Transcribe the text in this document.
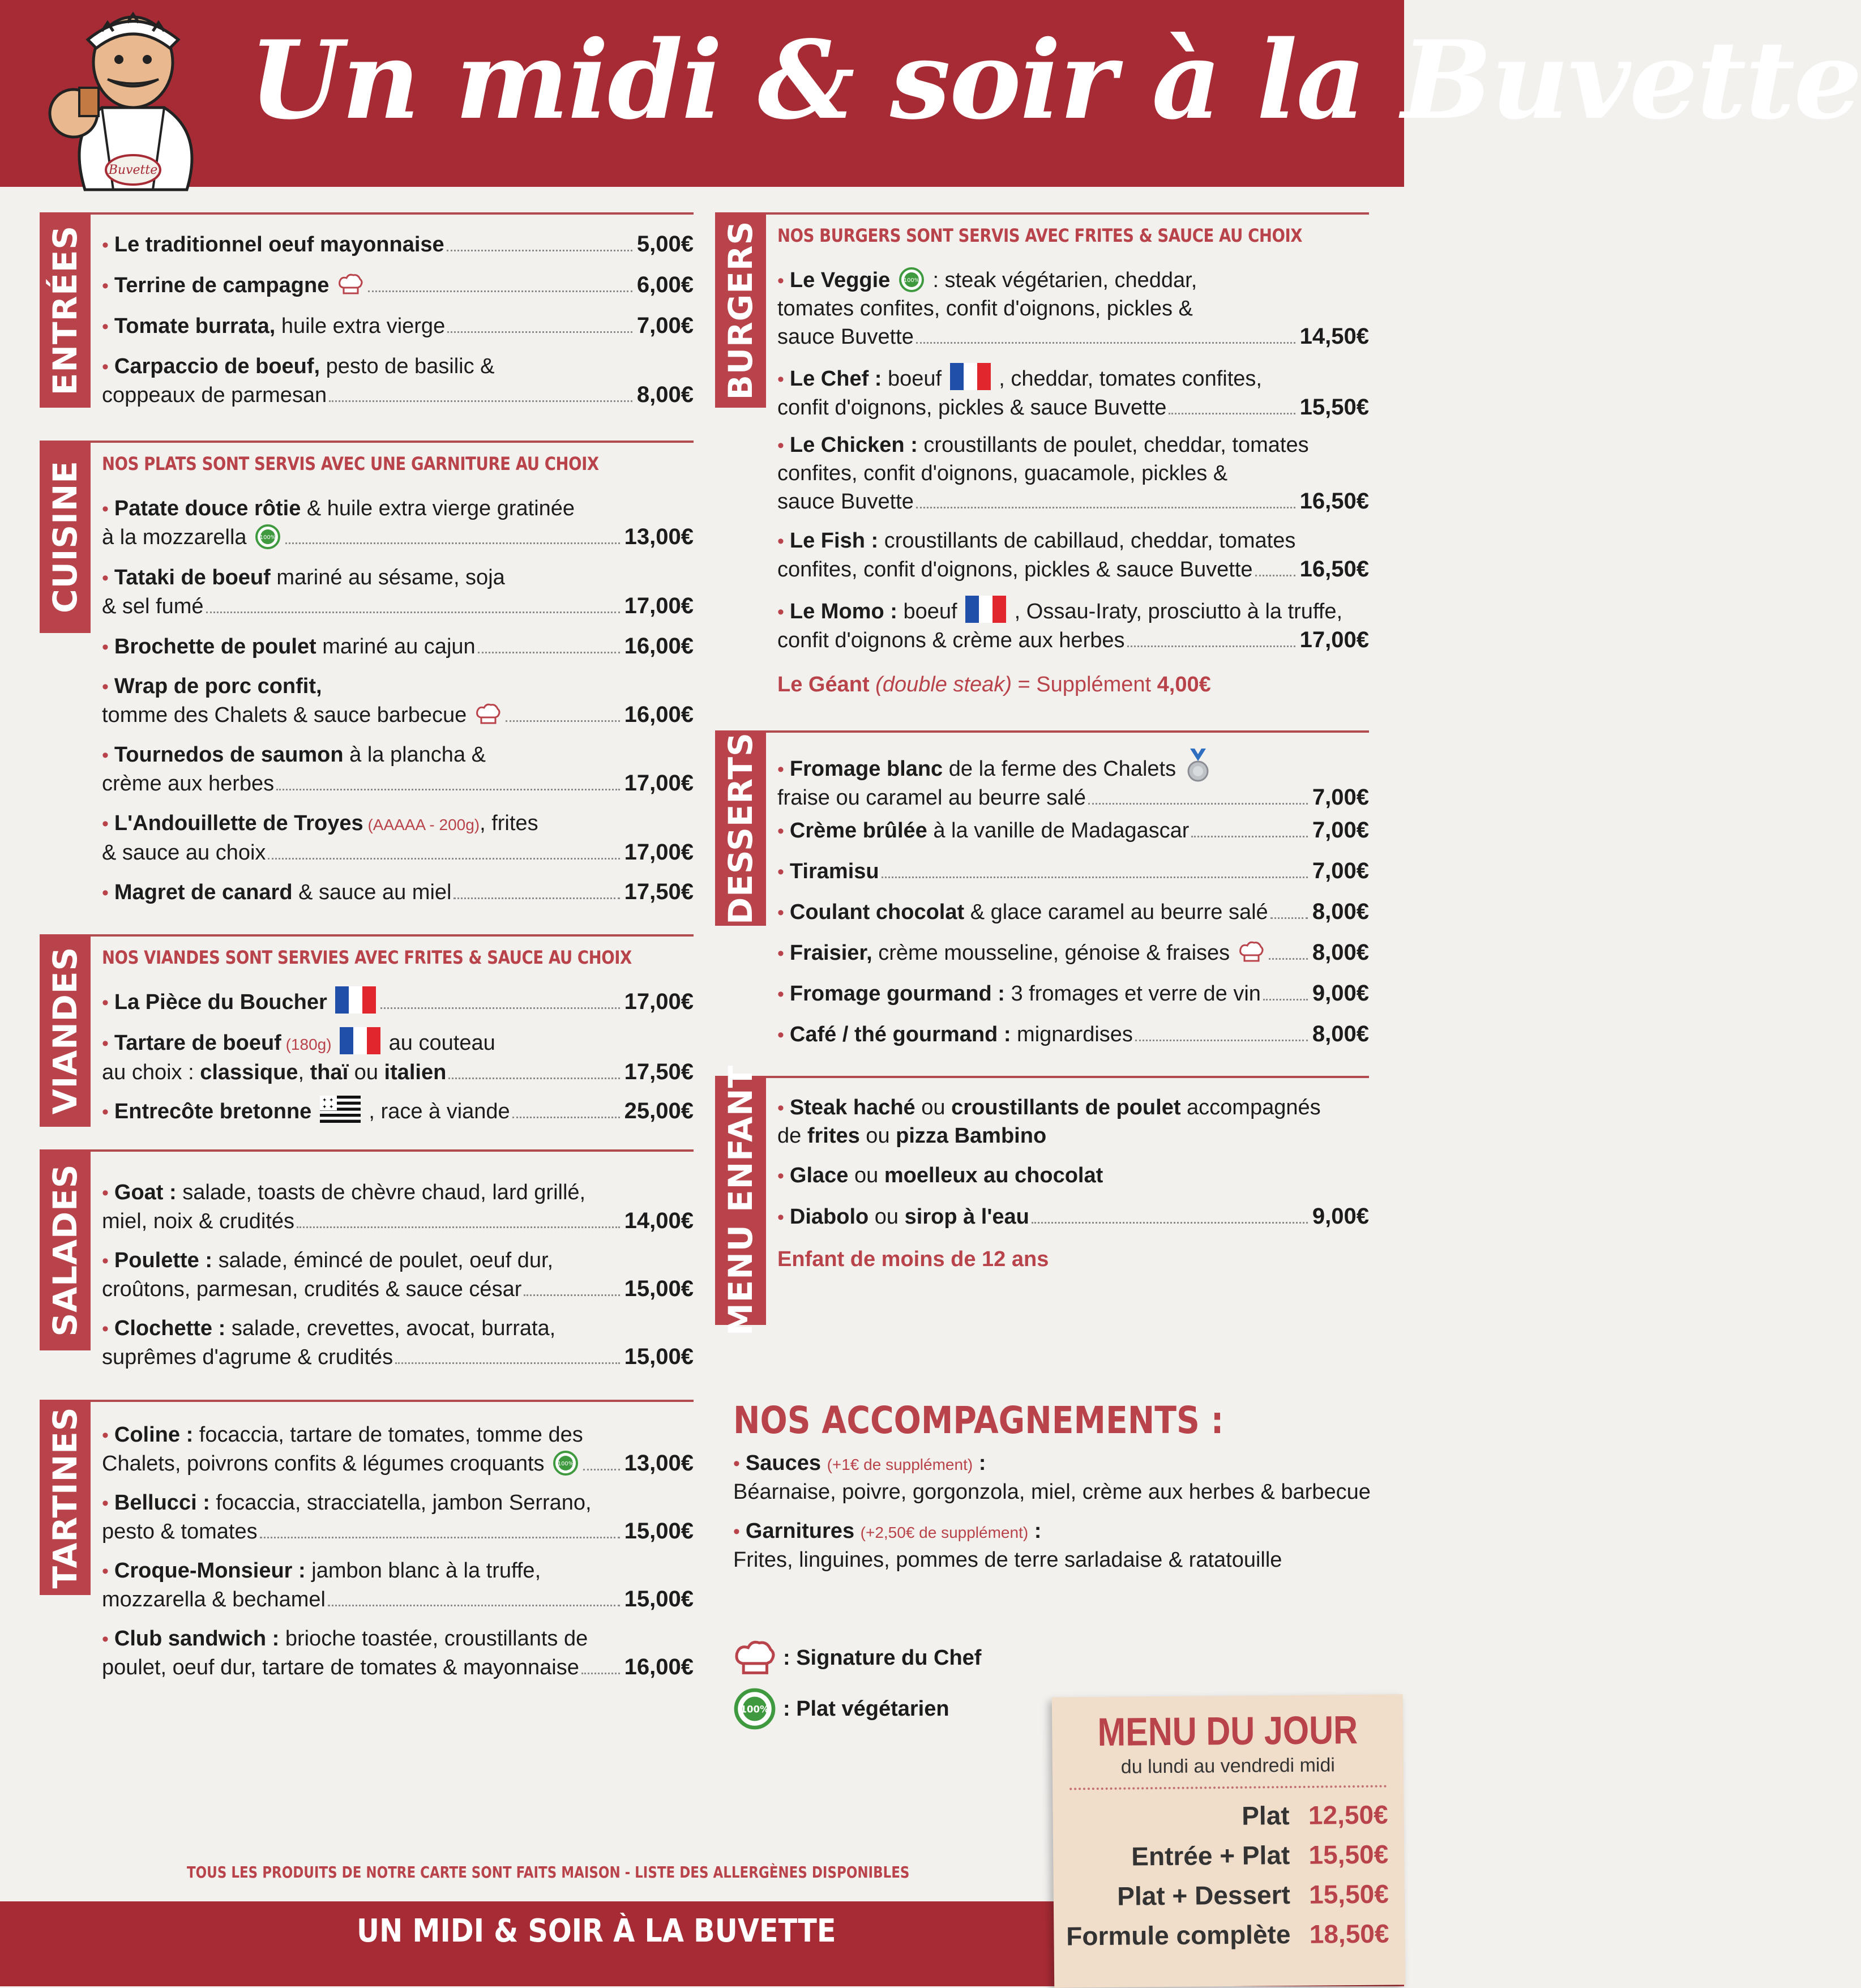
Buvette
Un midi & soir à la Buvette
ENTRÉES • Le traditionnel oeuf mayonnaise	5,00€
• Terrine de campagne	6,00€
• Tomate burrata, huile extra vierge	7,00€
• Carpaccio de boeuf, pesto de basilic &
coppeaux de parmesan	8,00€
CUISINE NOS PLATS SONT SERVIS AVEC UNE GARNITURE AU CHOIX
• Patate douce rôtie & huile extra vierge gratinée
à la mozzarella 100%	13,00€
• Tataki de boeuf mariné au sésame, soja
& sel fumé	17,00€
• Brochette de poulet mariné au cajun	16,00€
• Wrap de porc confit,
tomme des Chalets & sauce barbecue	16,00€
• Tournedos de saumon à la plancha &
crème aux herbes	17,00€
• L'Andouillette de Troyes (AAAAA - 200g), frites
& sauce au choix	17,00€
• Magret de canard & sauce au miel	17,50€
VIANDES NOS VIANDES SONT SERVIES AVEC FRITES & SAUCE AU CHOIX
• La Pièce du Boucher	17,00€
• Tartare de boeuf (180g)	au couteau
au choix : classique, thaï ou italien	17,50€
• Entrecôte bretonne ✦ ✦
✦ ✦ , race à viande	25,00€
SALADES • Goat : salade, toasts de chèvre chaud, lard grillé,
miel, noix & crudités	14,00€
• Poulette : salade, émincé de poulet, oeuf dur,
croûtons, parmesan, crudités & sauce césar	15,00€
• Clochette : salade, crevettes, avocat, burrata,
suprêmes d'agrume & crudités	15,00€
TARTINES • Coline : focaccia, tartare de tomates, tomme des
Chalets, poivrons confits & légumes croquants 100% 13,00€
• Bellucci : focaccia, stracciatella, jambon Serrano,
pesto & tomates	15,00€
• Croque-Monsieur : jambon blanc à la truffe,
mozzarella & bechamel	15,00€
• Club sandwich : brioche toastée, croustillants de
poulet, oeuf dur, tartare de tomates & mayonnaise 16,00€
BURGERS NOS BURGERS SONT SERVIS AVEC FRITES & SAUCE AU CHOIX
• Le Veggie 100% : steak végétarien, cheddar,
tomates confites, confit d'oignons, pickles &
sauce Buvette	14,50€
• Le Chef : boeuf	, cheddar, tomates confites,
confit d'oignons, pickles & sauce Buvette	15,50€
• Le Chicken : croustillants de poulet, cheddar, tomates
confites, confit d'oignons, guacamole, pickles &
sauce Buvette	16,50€
• Le Fish : croustillants de cabillaud, cheddar, tomates
confites, confit d'oignons, pickles & sauce Buvette 16,50€
• Le Momo : boeuf	, Ossau-Iraty, prosciutto à la truffe,
confit d'oignons & crème aux herbes	17,00€
Le Géant (double steak) = Supplément 4,00€
DESSERTS • Fromage blanc de la ferme des Chalets
fraise ou caramel au beurre salé	7,00€
• Crème brûlée à la vanille de Madagascar	7,00€
• Tiramisu	7,00€
• Coulant chocolat & glace caramel au beurre salé 8,00€
• Fraisier, crème mousseline, génoise & fraises	8,00€
• Fromage gourmand : 3 fromages et verre de vin 9,00€
• Café / thé gourmand : mignardises	8,00€
MENU ENFANT • Steak haché ou croustillants de poulet accompagnés
de frites ou pizza Bambino
• Glace ou moelleux au chocolat
• Diabolo ou sirop à l'eau	9,00€
Enfant de moins de 12 ans
NOS ACCOMPAGNEMENTS :
• Sauces (+1€ de supplément) :
Béarnaise, poivre, gorgonzola, miel, crème aux herbes & barbecue
• Garnitures (+2,50€ de supplément) :
Frites, linguines, pommes de terre sarladaise & ratatouille
: Signature du Chef
100% : Plat végétarien
TOUS LES PRODUITS DE NOTRE CARTE SONT FAITS MAISON - LISTE DES ALLERGÈNES DISPONIBLES
UN MIDI & SOIR À LA BUVETTE
MENU DU JOUR
du lundi au vendredi midi
Plat 12,50€
Entrée + Plat 15,50€
Plat + Dessert 15,50€
Formule complète 18,50€
